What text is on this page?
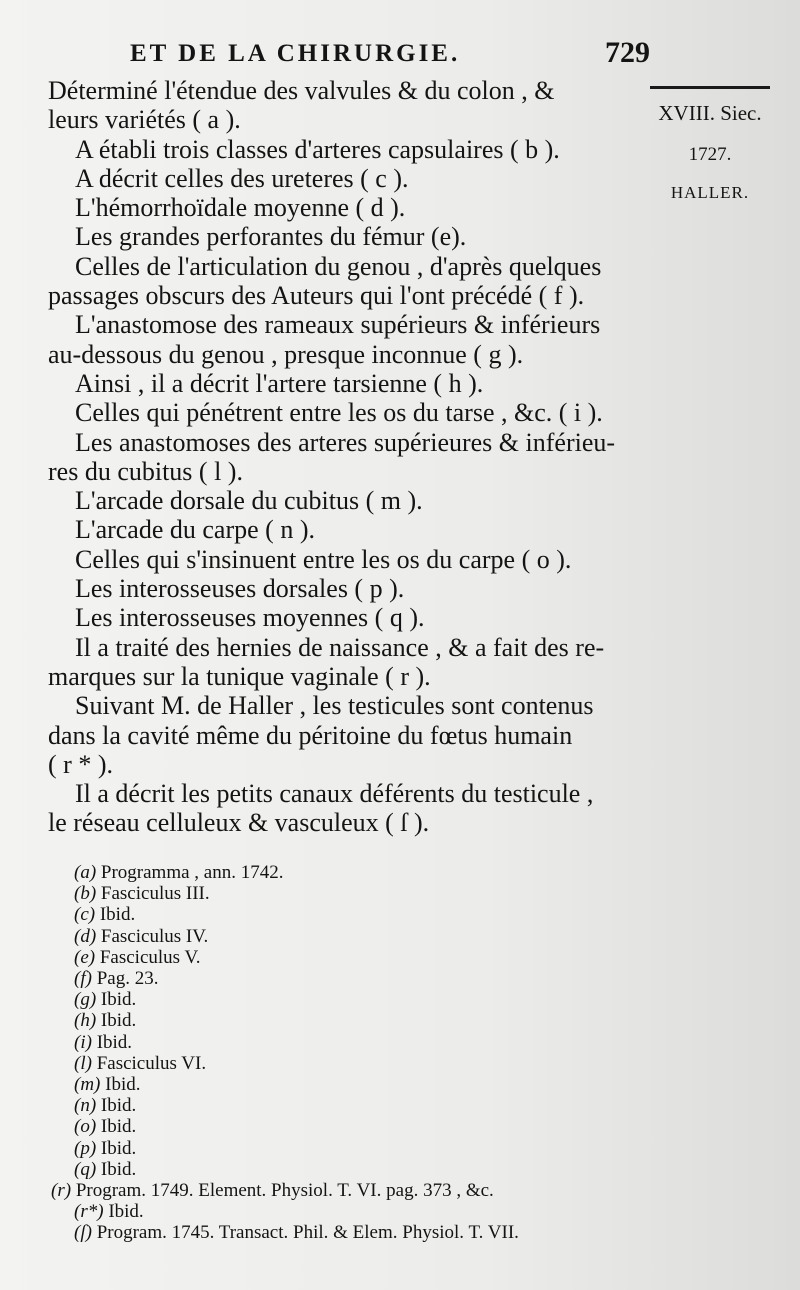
ET DE LA CHIRURGIE.	729
XVIII. Siec.
1727.
HALLER.

Déterminé l'étendue des valvules & du colon , &

leurs variétés ( a ).

A établi trois classes d'arteres capsulaires ( b ).

A décrit celles des ureteres ( c ).

L'hémorrhoïdale moyenne ( d ).

Les grandes perforantes du fémur (e).

Celles de l'articulation du genou , d'après quelques

passages obscurs des Auteurs qui l'ont précédé ( f ).

L'anastomose des rameaux supérieurs & inférieurs

au-dessous du genou , presque inconnue ( g ).

Ainsi , il a décrit l'artere tarsienne ( h ).

Celles qui pénétrent entre les os du tarse , &c. ( i ).

Les anastomoses des arteres supérieures & inférieu-

res du cubitus ( l ).

L'arcade dorsale du cubitus ( m ).

L'arcade du carpe ( n ).

Celles qui s'insinuent entre les os du carpe ( o ).

Les interosseuses dorsales ( p ).

Les interosseuses moyennes ( q ).

Il a traité des hernies de naissance , & a fait des re-

marques sur la tunique vaginale ( r ).

Suivant M. de Haller , les testicules sont contenus

dans la cavité même du péritoine du fœtus humain

( r * ).

Il a décrit les petits canaux déférents du testicule ,

le réseau celluleux & vasculeux ( ſ ).

(a) Programma , ann. 1742.

(b) Fasciculus III.

(c) Ibid.

(d) Fasciculus IV.

(e) Fasciculus V.

(f) Pag. 23.

(g) Ibid.

(h) Ibid.

(i) Ibid.

(l) Fasciculus VI.

(m) Ibid.

(n) Ibid.

(o) Ibid.

(p) Ibid.

(q) Ibid.

(r) Program. 1749. Element. Physiol. T. VI. pag. 373 , &c.

(r*) Ibid.

(ſ) Program. 1745. Transact. Phil. & Elem. Physiol. T. VII.
